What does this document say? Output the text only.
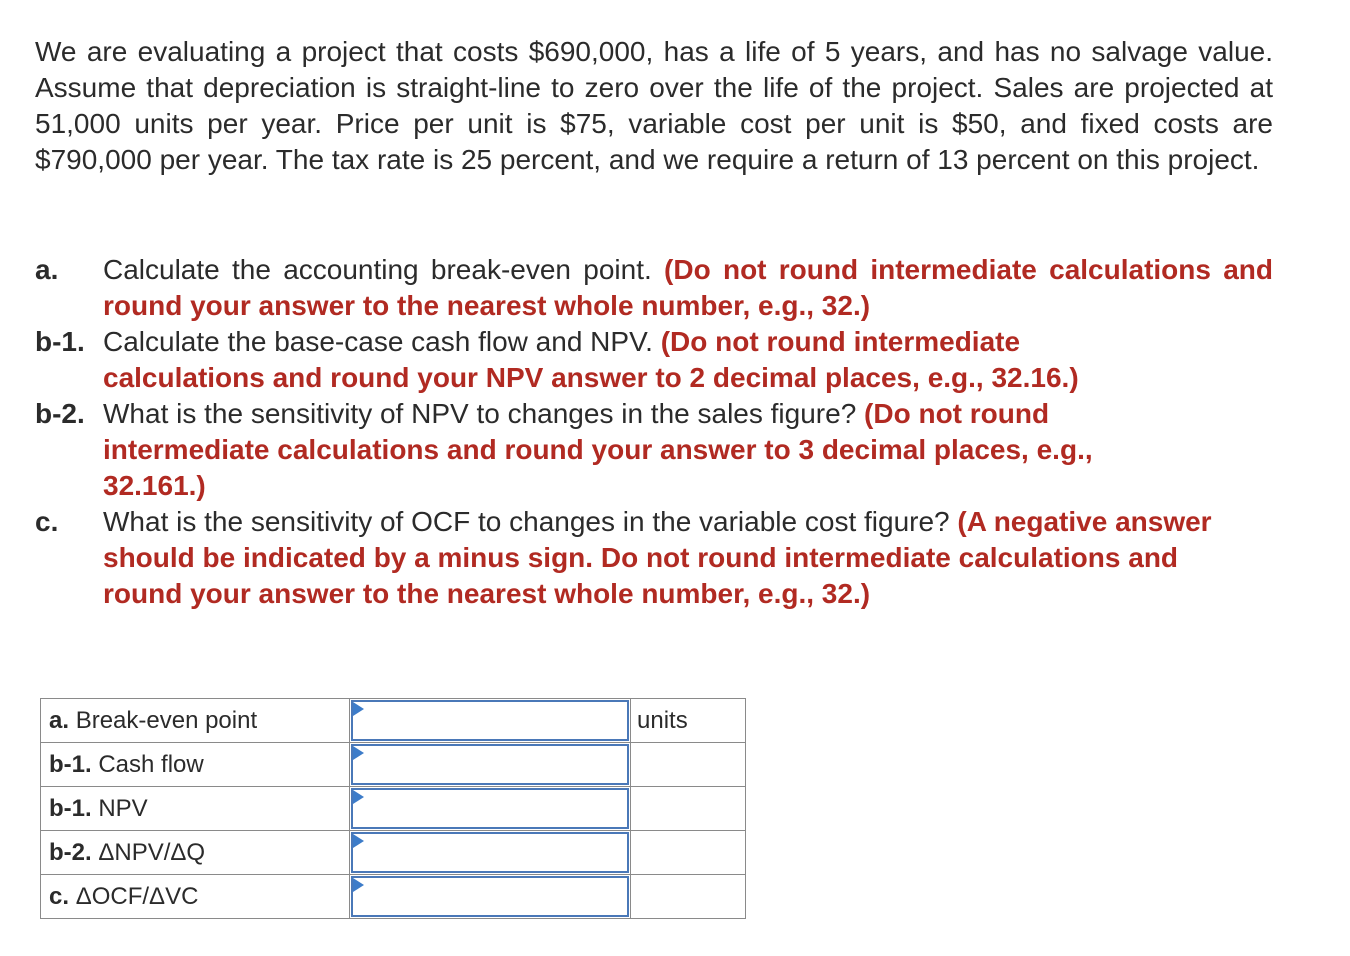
We are evaluating a project that costs $690,000, has a life of 5 years, and has no salvage value. Assume that depreciation is straight-line to zero over the life of the project. Sales are projected at 51,000 units per year. Price per unit is $75, variable cost per unit is $50, and fixed costs are $790,000 per year. The tax rate is 25 percent, and we require a return of 13 percent on this project.

a.	Calculate the accounting break-even point. (Do not round intermediate calculations and round your answer to the nearest whole number, e.g., 32.)
b-1. Calculate the base-case cash flow and NPV. (Do not round intermediate calculations and round your NPV answer to 2 decimal places, e.g., 32.16.)
b-2. What is the sensitivity of NPV to changes in the sales figure? (Do not round intermediate calculations and round your answer to 3 decimal places, e.g., 32.161.)
c.	What is the sensitivity of OCF to changes in the variable cost figure? (A negative answer should be indicated by a minus sign. Do not round intermediate calculations and round your answer to the nearest whole number, e.g., 32.)
a. Break-even point		units
b-1. Cash flow	

b-1. NPV	

b-2. ΔNPV/ΔQ	

c. ΔOCF/ΔVC	
